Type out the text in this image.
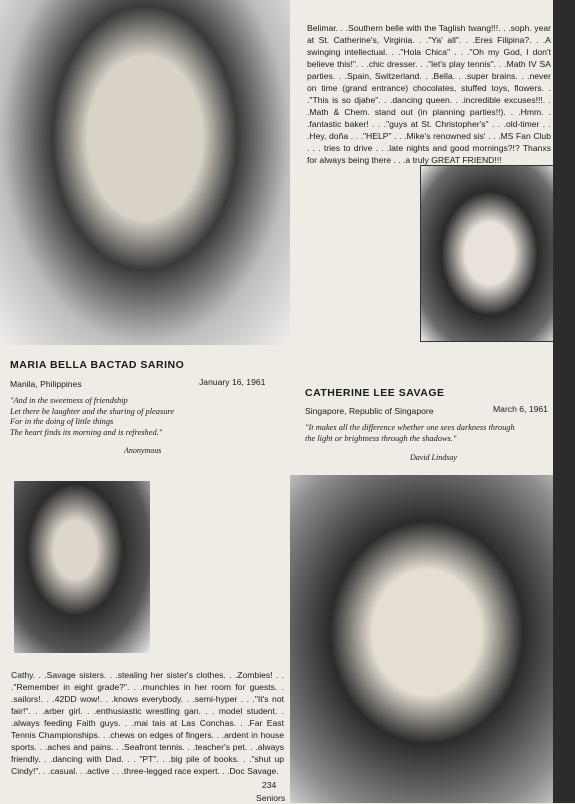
Belimar. . .Southern belle with the Taglish twang!!!. . .soph. year at St. Catherine's, Virginia. . ."Ya' all". . .Eres Filipina?. . .A swinging intellectual. . ."Hola Chica" . . ."Oh my God, I don't believe this!". . .chic dresser. . ."let's play tennis". . .Math IV SA parties. . .Spain, Switzerland. . .Bella. . .super brains. . .never on time (grand entrance) chocolates, stuffed toys, flowers. . ."This is so djahe". . .dancing queen. . .incredible excuses!!!. . .Math & Chem. stand out (in planning parties!!). . .Hmm. . .fantastic baker! . . ."guys at St. Christopher's" . . .old-timer . . .Hey, doña . . ."HELP" . . .Mike's renowned sis' . . .MS Fan Club . . . tries to drive . . .late nights and good mornings?!? Thanxs for always being there . . .a truly GREAT FRIEND!!!
MARIA BELLA BACTAD SARINO
Manila, Philippines	January 16, 1961
"And in the sweetness of friendship
Let there be laughter and the sharing of pleasure
For in the doing of little things
The heart finds its morning and is refreshed."
Anonymous
CATHERINE LEE SAVAGE
Singapore, Republic of Singapore	March 6, 1961
"It makes all the difference whether one sees darkness through
the light or brightness through the shadows."
David Lindsay
Cathy. . .Savage sisters. . .stealing her sister's clothes. . .Zombies! . . ."Remember in eight grade?". . .munchies in her room for guests. . .sailors!. . .42DD wow!. . .knows everybody. . .semi-hyper . . ."It's not fair!". . .arber girl. . .enthusiastic wrestling gan. . . model student. . .always feeding Faith guys. . .mai tais at Las Conchas. . .Far East Tennis Championships. . .chews on edges of fingers. . .ardent in house sports. . .aches and pains. . .Seafront tennis. . .teacher's pet. . .always friendly. . .dancing with Dad. . . "PT". . .big pile of books. . ."shut up Cindy!". . .casual. . .active . . .three-legged race expert. . .Doc Savage.
234
Seniors
